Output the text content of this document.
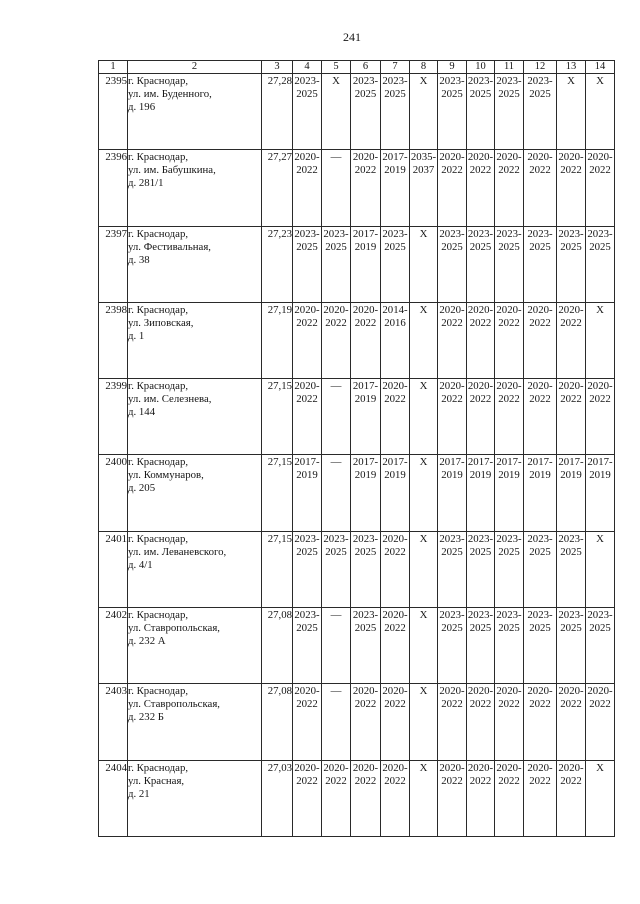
241
1	2	3	4	5	6	7	8	9	10	11	12	13	14
2395	г. Краснодар,
ул. им. Буденного,
д. 196	27,28	2023-2025	X	2023-2025	2023-2025	X	2023-2025	2023-2025	2023-2025	2023-2025	X	X
2396	г. Краснодар,
ул. им. Бабушкина,
д. 281/1	27,27	2020-2022	—	2020-2022	2017-2019	2035-2037	2020-2022	2020-2022	2020-2022	2020-2022	2020-2022	2020-2022
2397	г. Краснодар,
ул. Фестивальная,
д. 38	27,23	2023-2025	2023-2025	2017-2019	2023-2025	X	2023-2025	2023-2025	2023-2025	2023-2025	2023-2025	2023-2025
2398	г. Краснодар,
ул. Зиповская,
д. 1	27,19	2020-2022	2020-2022	2020-2022	2014-2016	X	2020-2022	2020-2022	2020-2022	2020-2022	2020-2022	X
2399	г. Краснодар,
ул. им. Селезнева,
д. 144	27,15	2020-2022	—	2017-2019	2020-2022	X	2020-2022	2020-2022	2020-2022	2020-2022	2020-2022	2020-2022
2400	г. Краснодар,
ул. Коммунаров,
д. 205	27,15	2017-2019	—	2017-2019	2017-2019	X	2017-2019	2017-2019	2017-2019	2017-2019	2017-2019	2017-2019
2401	г. Краснодар,
ул. им. Леваневского,
д. 4/1	27,15	2023-2025	2023-2025	2023-2025	2020-2022	X	2023-2025	2023-2025	2023-2025	2023-2025	2023-2025	X
2402	г. Краснодар,
ул. Ставропольская,
д. 232 А	27,08	2023-2025	—	2023-2025	2020-2022	X	2023-2025	2023-2025	2023-2025	2023-2025	2023-2025	2023-2025
2403	г. Краснодар,
ул. Ставропольская,
д. 232 Б	27,08	2020-2022	—	2020-2022	2020-2022	X	2020-2022	2020-2022	2020-2022	2020-2022	2020-2022	2020-2022
2404	г. Краснодар,
ул. Красная,
д. 21	27,03	2020-2022	2020-2022	2020-2022	2020-2022	X	2020-2022	2020-2022	2020-2022	2020-2022	2020-2022	X
